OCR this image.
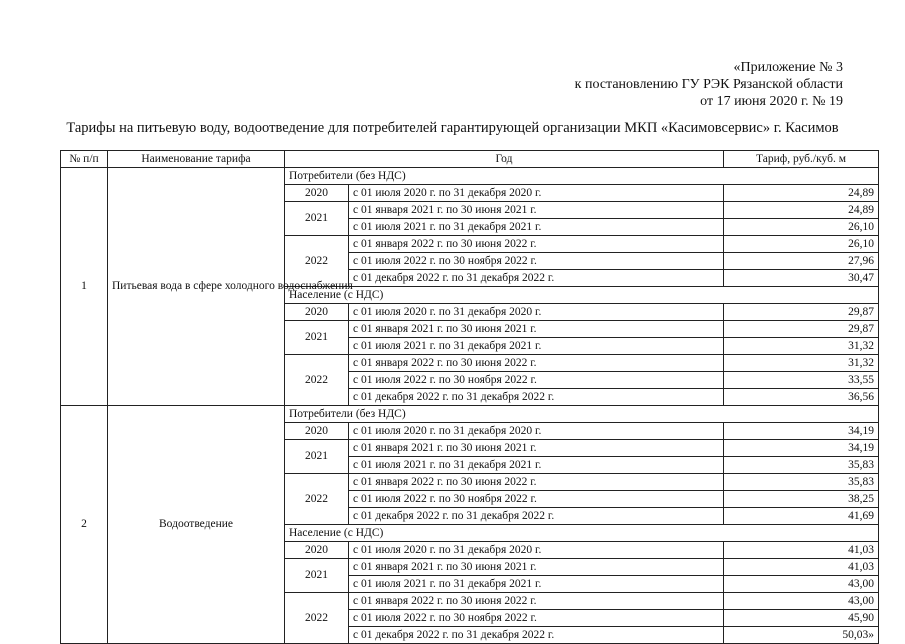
«Приложение № 3
к постановлению ГУ РЭК Рязанской области
от 17 июня 2020 г. № 19
Тарифы на питьевую воду, водоотведение для потребителей гарантирующей организации МКП «Касимовсервис» г. Касимов
№ п/п	Наименование тарифа	Год		Тариф, руб./куб. м
1	Питьевая вода в сфере холодного водоснабжения	Потребители (без НДС)		
		2020	с 01 июля 2020 г. по 31 декабря 2020 г.	24,89
		2021	с 01 января 2021 г. по 30 июня 2021 г.	24,89
			с 01 июля 2021 г. по 31 декабря 2021 г.	26,10
		2022	с 01 января 2022 г. по 30 июня 2022 г.	26,10
			с 01 июля 2022 г. по 30 ноября 2022 г.	27,96
			с 01 декабря 2022 г. по 31 декабря 2022 г.	30,47
		Население (с НДС)		
		2020	с 01 июля 2020 г. по 31 декабря 2020 г.	29,87
		2021	с 01 января 2021 г. по 30 июня 2021 г.	29,87
			с 01 июля 2021 г. по 31 декабря 2021 г.	31,32
		2022	с 01 января 2022 г. по 30 июня 2022 г.	31,32
			с 01 июля 2022 г. по 30 ноября 2022 г.	33,55
			с 01 декабря 2022 г. по 31 декабря 2022 г.	36,56
2	Водоотведение	Потребители (без НДС)		
		2020	с 01 июля 2020 г. по 31 декабря 2020 г.	34,19
		2021	с 01 января 2021 г. по 30 июня 2021 г.	34,19
			с 01 июля 2021 г. по 31 декабря 2021 г.	35,83
		2022	с 01 января 2022 г. по 30 июня 2022 г.	35,83
			с 01 июля 2022 г. по 30 ноября 2022 г.	38,25
			с 01 декабря 2022 г. по 31 декабря 2022 г.	41,69
		Население (с НДС)		
		2020	с 01 июля 2020 г. по 31 декабря 2020 г.	41,03
		2021	с 01 января 2021 г. по 30 июня 2021 г.	41,03
			с 01 июля 2021 г. по 31 декабря 2021 г.	43,00
		2022	с 01 января 2022 г. по 30 июня 2022 г.	43,00
			с 01 июля 2022 г. по 30 ноября 2022 г.	45,90
			с 01 декабря 2022 г. по 31 декабря 2022 г.	50,03»
